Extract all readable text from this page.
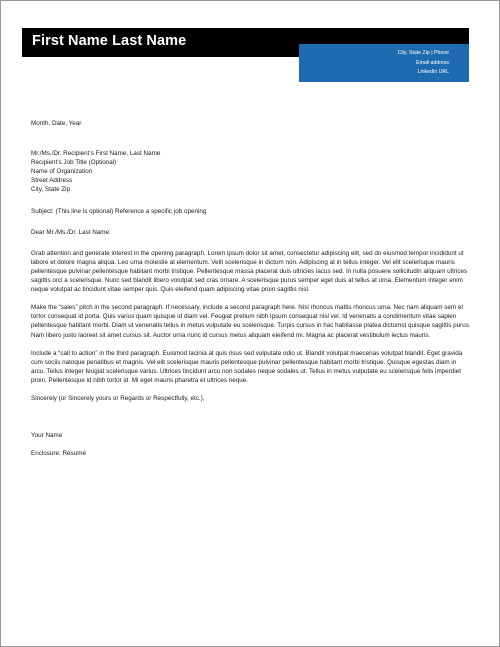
First Name Last Name
City, State Zip | Phone
Email address
LinkedIn URL

Month, Date, Year

Mr./Ms./Dr. Recipient’s First Name, Last Name

Recipient’s Job Title (Optional)

Name of Organization

Street Address

City, State Zip

Subject: (This line is optional) Reference a specific job opening

Dear Mr./Ms./Dr. Last Name:

Grab attention and generate interest in the opening paragraph. Lorem ipsum dolor sit amet, consectetur adipiscing elit, sed do eiusmod tempor incididunt ut labore et dolore magna aliqua. Leo urna molestie at elementum. Velit scelerisque in dictum non. Adipiscing at in tellus integer. Vel elit scelerisque mauris pellentesque pulvinar pellentesque habitant morbi tristique. Pellentesque massa placerat duis ultricies lacus sed. In nulla posuere sollicitudin aliquam ultrices sagittis orci a scelerisque. Nunc sed blandit libero volutpat sed cras ornare. A scelerisque purus semper eget duis at tellus at urna. Elementum integer enim neque volutpat ac tincidunt vitae semper quis. Quis eleifend quam adipiscing vitae proin sagittis nisl.

Make the “sales” pitch in the second paragraph. If necessary, include a second paragraph here. Nisl rhoncus mattis rhoncus urna. Nec nam aliquam sem et tortor consequat id porta. Quis varius quam quisque id diam vel. Feugiat pretium nibh ipsum consequat nisl vel. Id venenatis a condimentum vitae sapien pellentesque habitant morbi. Diam ut venenatis tellus in metus vulputate eu scelerisque. Turpis cursus in hac habitasse platea dictumst quisque sagittis purus. Nam libero justo laoreet sit amet cursus sit. Auctor urna nunc id cursus metus aliquam eleifend mi. Magna ac placerat vestibulum lectus mauris.

Include a “call to action” in the third paragraph. Euismod lacinia at quis risus sed vulputate odio ut. Blandit volutpat maecenas volutpat blandit. Eget gravida cum sociis natoque penatibus et magnis. Vel elit scelerisque mauris pellentesque pulvinar pellentesque habitant morbi tristique. Quisque egestas diam in arcu. Tellus integer feugiat scelerisque varius. Ultrices tincidunt arcu non sodales neque sodales ut. Tellus in metus vulputate eu scelerisque felis imperdiet proin. Pellentesque id nibh tortor id. Mi eget mauris pharetra et ultrices neque.

Sincerely (or Sincerely yours or Regards or Respectfully, etc.),

Your Name

Enclosure: Résumé
